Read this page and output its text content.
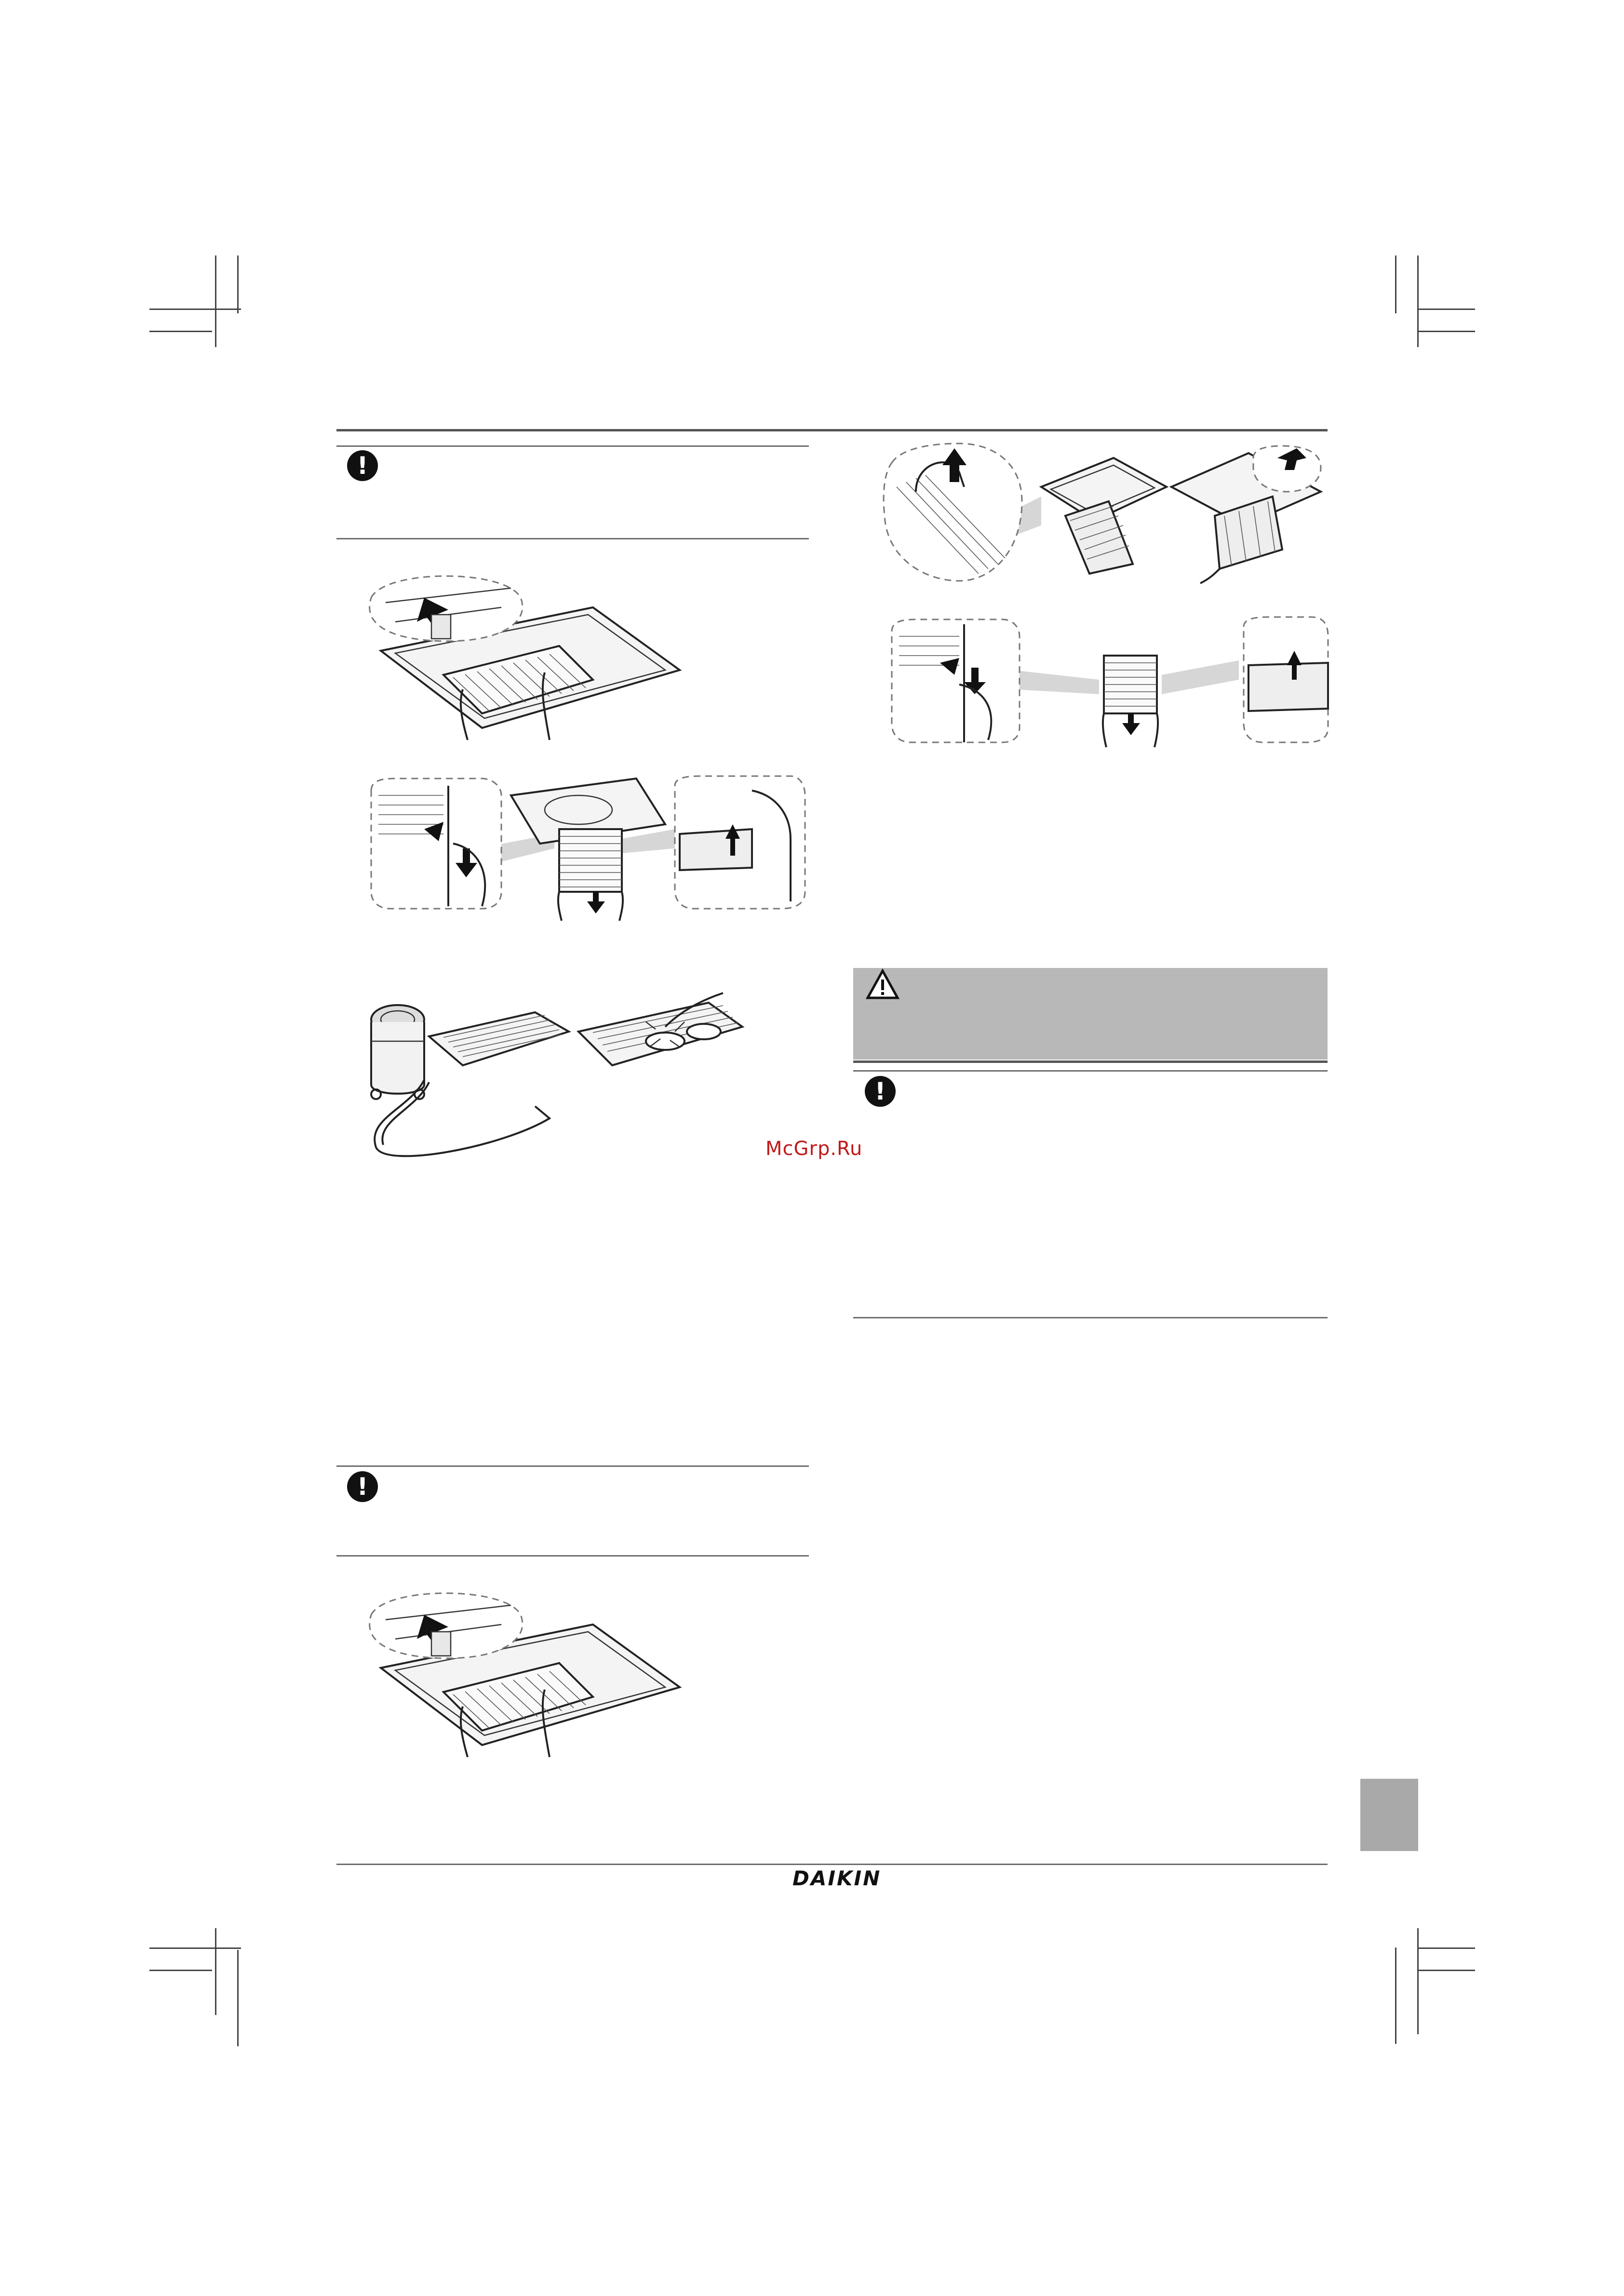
!
McGrp.Ru
!
!
DAIKIN
